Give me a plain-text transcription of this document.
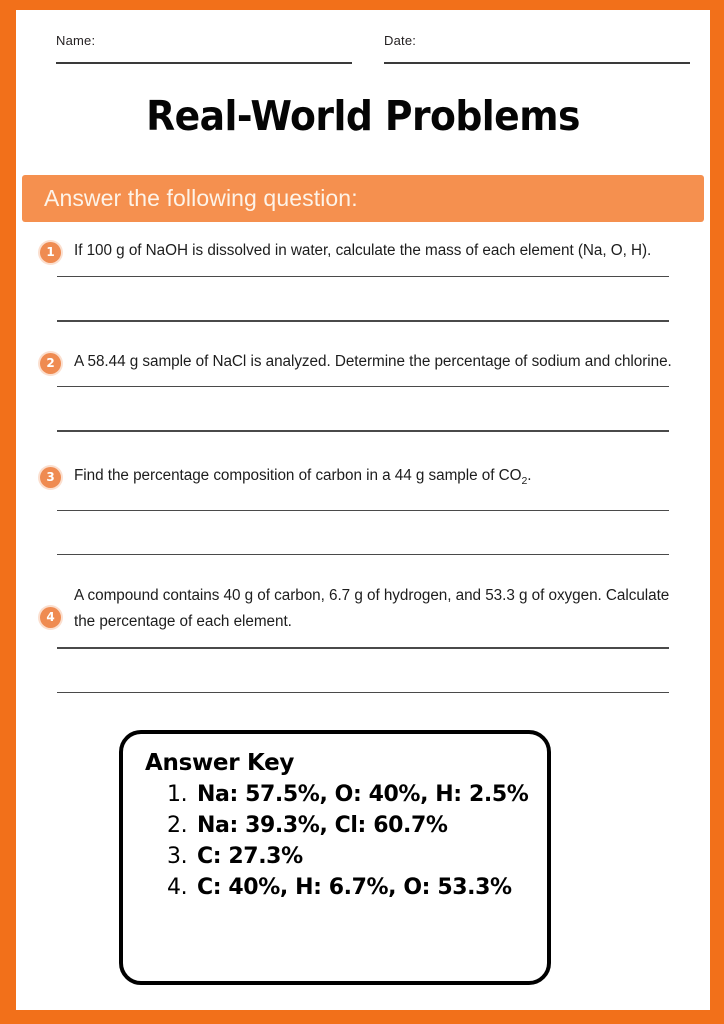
Name:	Date:
Real-World Problems
Answer the following question:
1	If 100 g of NaOH is dissolved in water, calculate the mass of each element (Na, O, H).
2	A 58.44 g sample of NaCl is analyzed. Determine the percentage of sodium and chlorine.
3	Find the percentage composition of carbon in a 44 g sample of $CO_2$.
4
A compound contains 40 g of carbon, 6.7 g of hydrogen, and 53.3 g of oxygen. Calculate the percentage of each element.
Answer Key
1. Na: 57.5%, O: 40%, H: 2.5%
2. Na: 39.3%, Cl: 60.7%
3. C: 27.3%
4. C: 40%, H: 6.7%, O: 53.3%
